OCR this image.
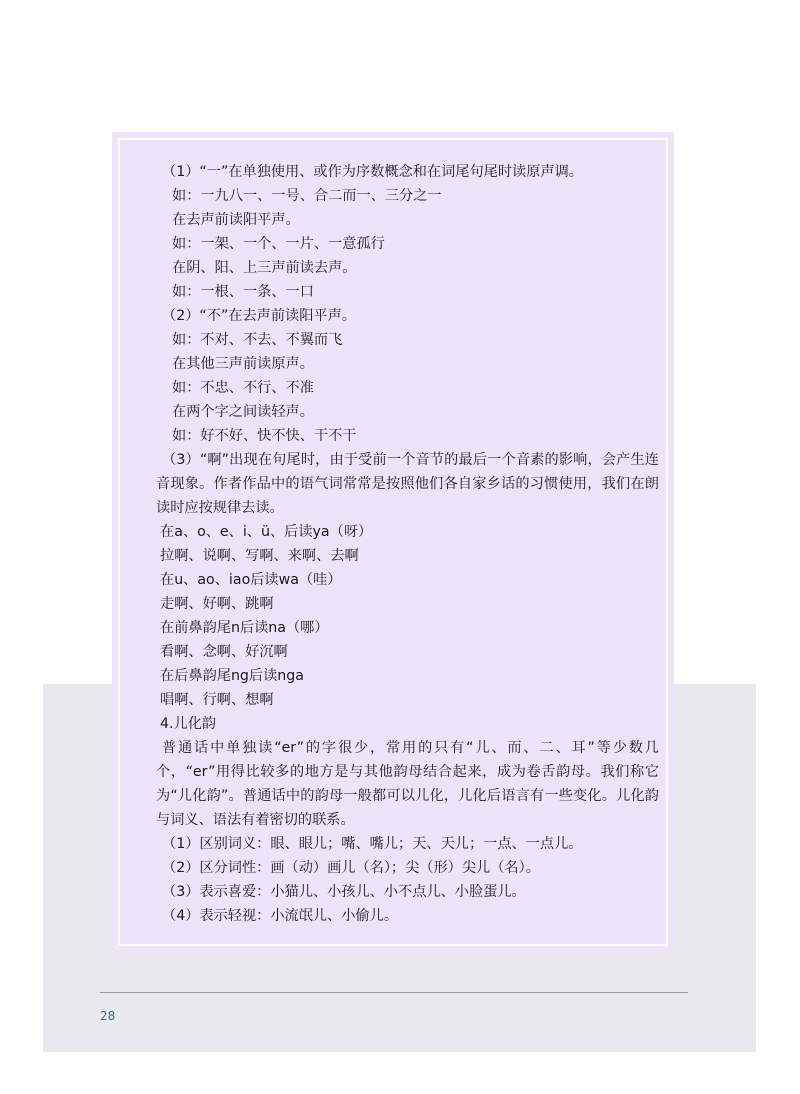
（1）“一”在单独使用、或作为序数概念和在词尾句尾时读原声调。
如：一九八一、一号、合二而一、三分之一
在去声前读阳平声。
如：一架、一个、一片、一意孤行
在阴、阳、上三声前读去声。
如：一根、一条、一口
（2）“不”在去声前读阳平声。
如：不对、不去、不翼而飞
在其他三声前读原声。
如：不忠、不行、不准
在两个字之间读轻声。
如：好不好、快不快、干不干
（3）“啊”出现在句尾时，由于受前一个音节的最后一个音素的影响，会产生连音现象。作者作品中的语气词常常是按照他们各自家乡话的习惯使用，我们在朗读时应按规律去读。
在a、o、e、i、ü、后读ya（呀）
拉啊、说啊、写啊、来啊、去啊
在u、ao、iao后读wa（哇）
走啊、好啊、跳啊
在前鼻韵尾n后读na（哪）
看啊、念啊、好沉啊
在后鼻韵尾ng后读nga
唱啊、行啊、想啊
4.儿化韵
普通话中单独读“er”的字很少，常用的只有“儿、而、二、耳”等少数几个，“er”用得比较多的地方是与其他韵母结合起来，成为卷舌韵母。我们称它为“儿化韵”。普通话中的韵母一般都可以儿化，儿化后语言有一些变化。儿化韵与词义、语法有着密切的联系。
（1）区别词义：眼、眼儿；嘴、嘴儿；天、天儿；一点、一点儿。
（2）区分词性：画（动）画儿（名）；尖（形）尖儿（名）。
（3）表示喜爱：小猫儿、小孩儿、小不点儿、小脸蛋儿。
（4）表示轻视：小流氓儿、小偷儿。
28
